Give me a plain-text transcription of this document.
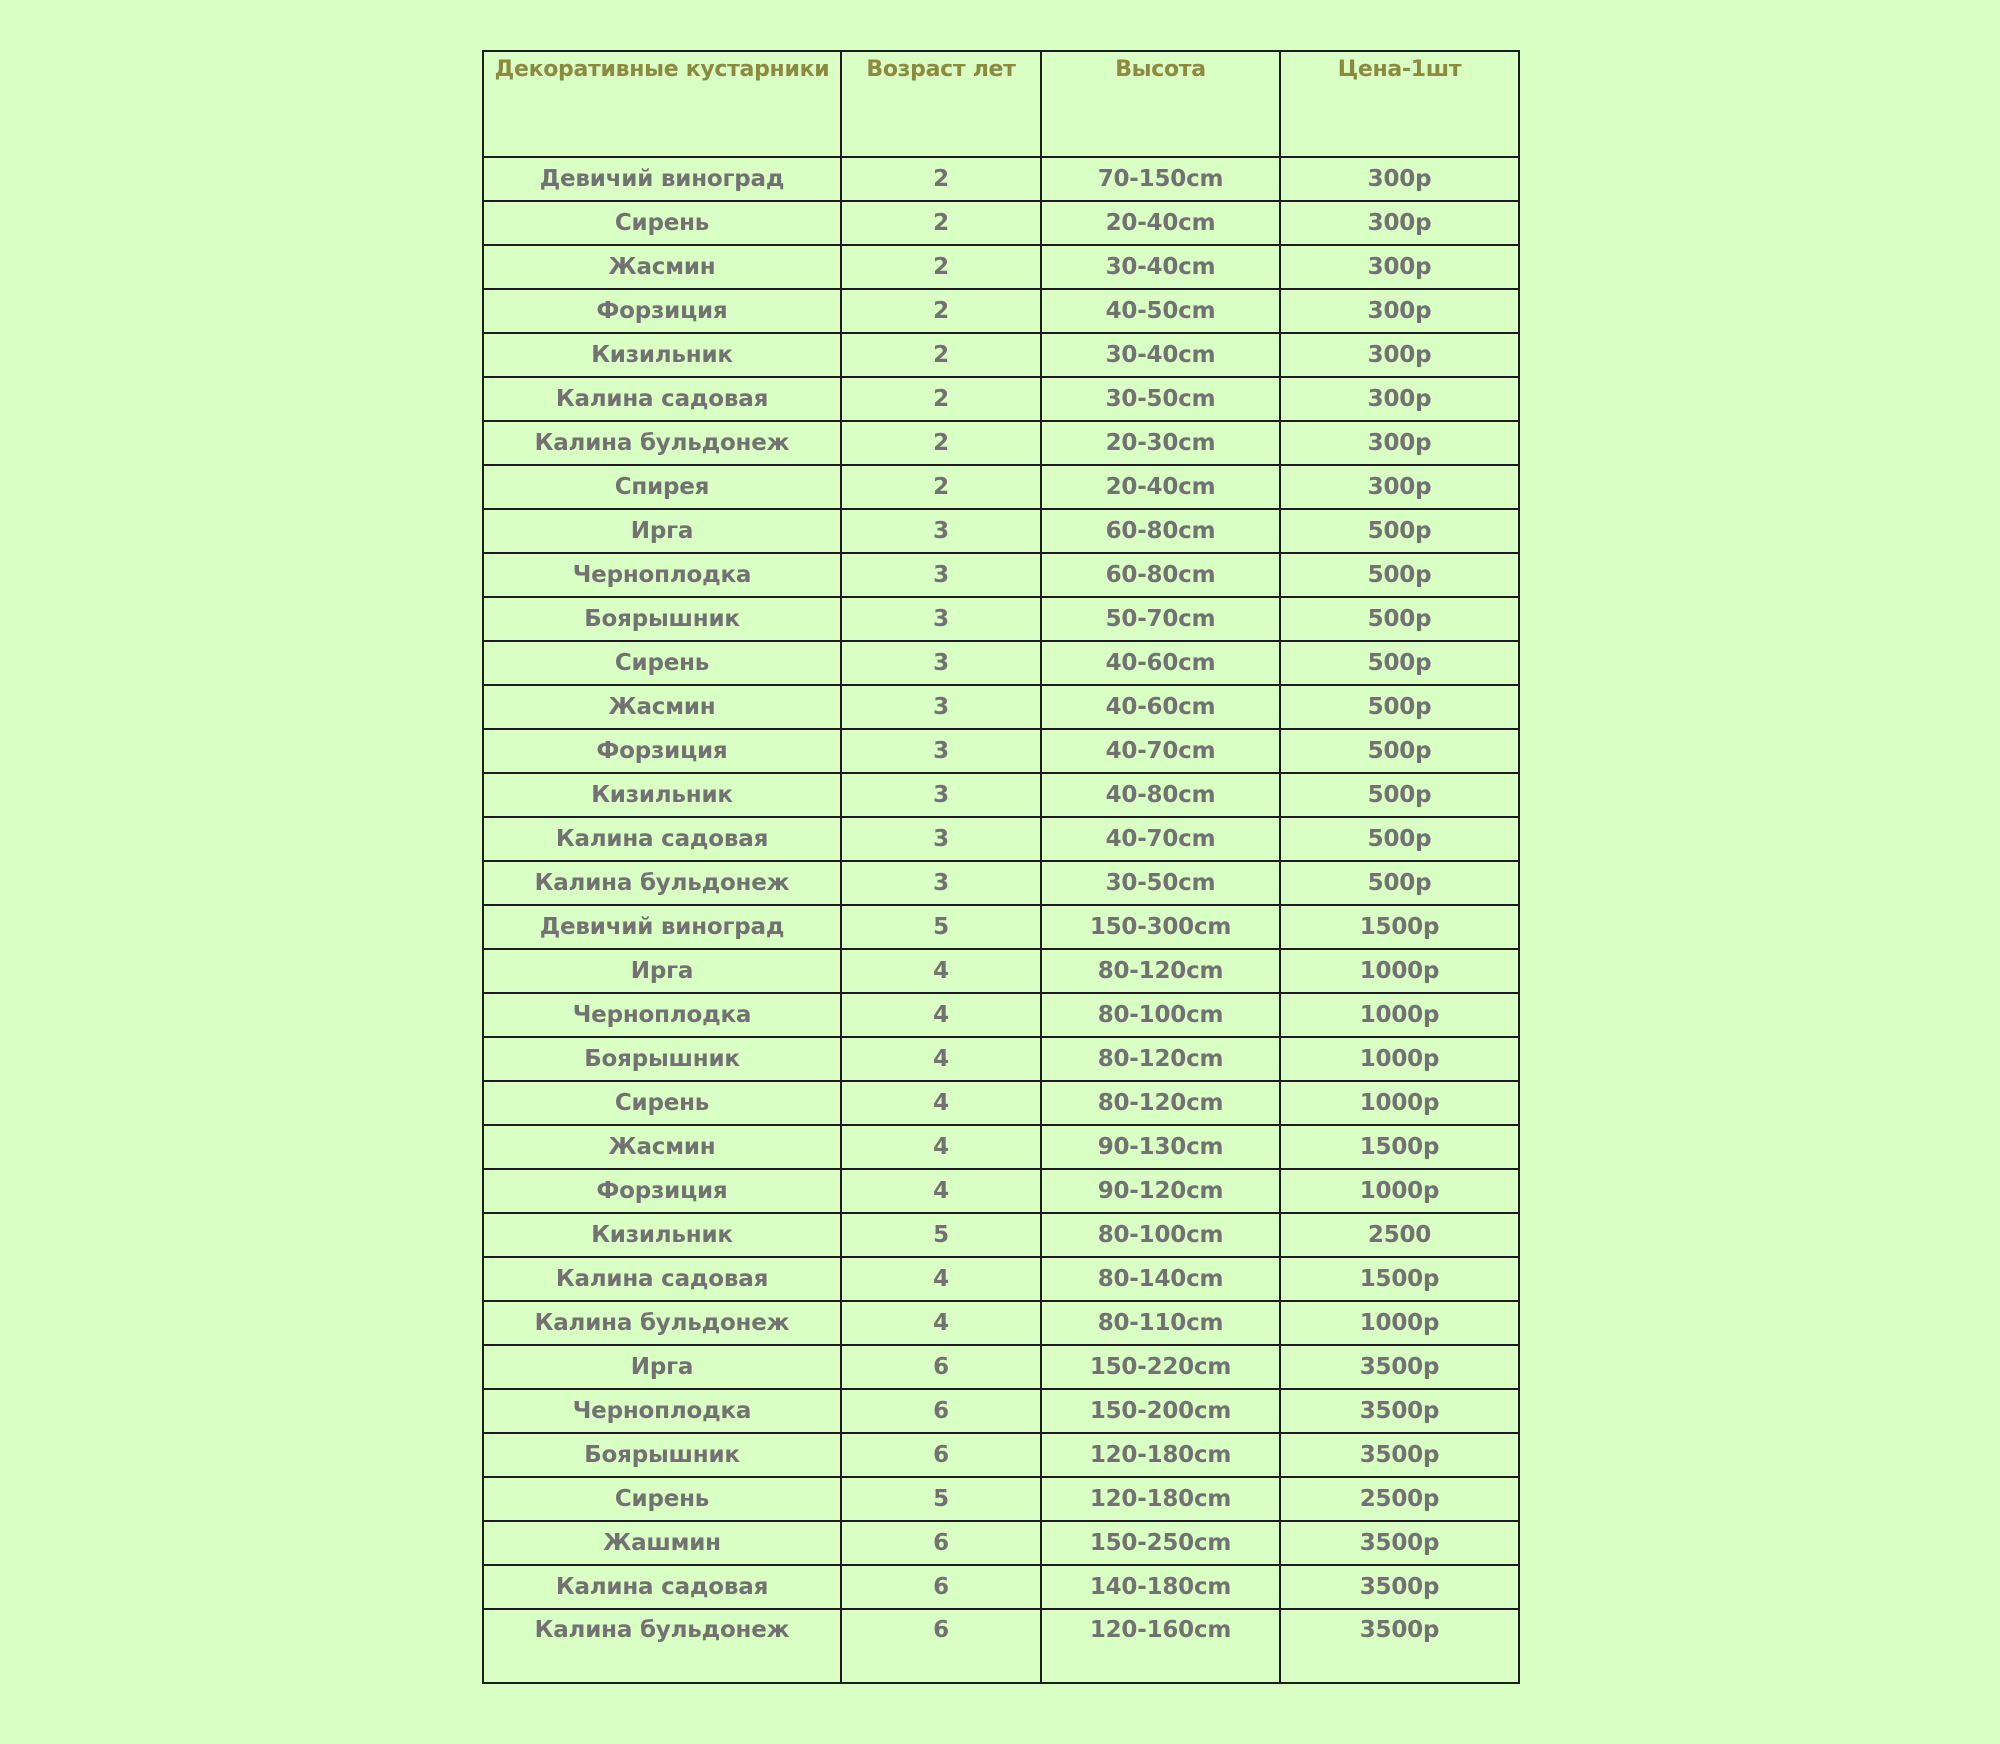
Декоративные кустарники	Возраст лет	Высота	Цена-1шт
Девичий виноград	2	70-150cm	300р
Сирень	2	20-40cm	300р
Жасмин	2	30-40cm	300р
Форзиция	2	40-50cm	300р
Кизильник	2	30-40cm	300р
Калина садовая	2	30-50cm	300р
Калина бульдонеж	2	20-30cm	300р
Спирея	2	20-40cm	300р
Ирга	3	60-80cm	500р
Черноплодка	3	60-80cm	500р
Боярышник	3	50-70cm	500р
Сирень	3	40-60cm	500р
Жасмин	3	40-60cm	500р
Форзиция	3	40-70cm	500р
Кизильник	3	40-80cm	500р
Калина садовая	3	40-70cm	500р
Калина бульдонеж	3	30-50cm	500р
Девичий виноград	5	150-300cm	1500р
Ирга	4	80-120cm	1000р
Черноплодка	4	80-100cm	1000р
Боярышник	4	80-120cm	1000р
Сирень	4	80-120cm	1000р
Жасмин	4	90-130cm	1500р
Форзиция	4	90-120cm	1000р
Кизильник	5	80-100cm	2500
Калина садовая	4	80-140cm	1500р
Калина бульдонеж	4	80-110cm	1000р
Ирга	6	150-220cm	3500р
Черноплодка	6	150-200cm	3500р
Боярышник	6	120-180cm	3500р
Сирень	5	120-180cm	2500р
Жашмин	6	150-250cm	3500р
Калина садовая	6	140-180cm	3500р
Калина бульдонеж	6	120-160cm	3500р
